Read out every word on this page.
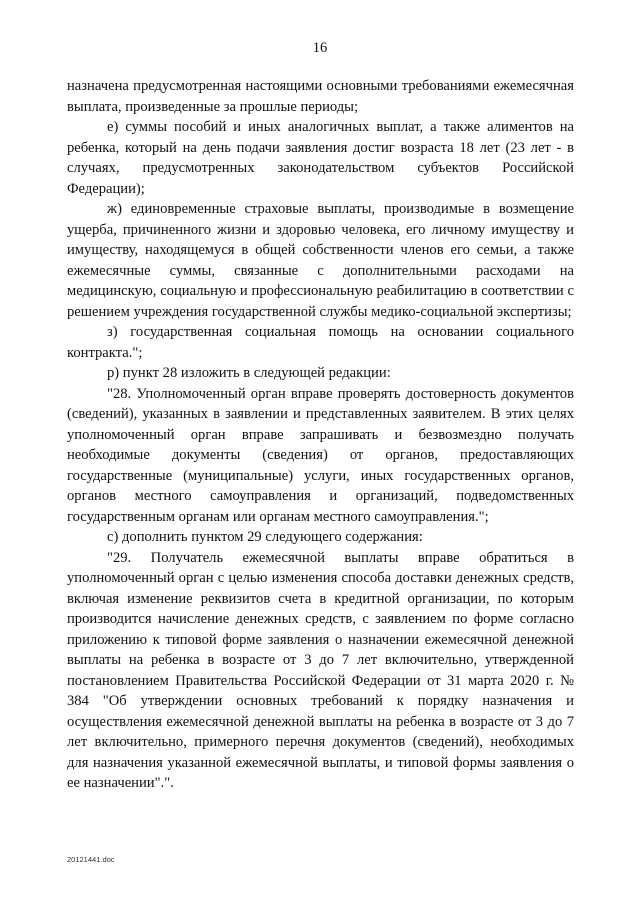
16

назначена предусмотренная настоящими основными требованиями ежемесячная выплата, произведенные за прошлые периоды;

е) суммы пособий и иных аналогичных выплат, а также алиментов на ребенка, который на день подачи заявления достиг возраста 18 лет (23 лет - в случаях, предусмотренных законодательством субъектов Российской Федерации);

ж) единовременные страховые выплаты, производимые в возмещение ущерба, причиненного жизни и здоровью человека, его личному имуществу и имуществу, находящемуся в общей собственности членов его семьи, а также ежемесячные суммы, связанные с дополнительными расходами на медицинскую, социальную и профессиональную реабилитацию в соответствии с решением учреждения государственной службы медико-социальной экспертизы;

з) государственная социальная помощь на основании социального контракта.";

р) пункт 28 изложить в следующей редакции:

"28. Уполномоченный орган вправе проверять достоверность документов (сведений), указанных в заявлении и представленных заявителем. В этих целях уполномоченный орган вправе запрашивать и безвозмездно получать необходимые документы (сведения) от органов, предоставляющих государственные (муниципальные) услуги, иных государственных органов, органов местного самоуправления и организаций, подведомственных государственным органам или органам местного самоуправления.";

с) дополнить пунктом 29 следующего содержания:

"29. Получатель ежемесячной выплаты вправе обратиться в уполномоченный орган с целью изменения способа доставки денежных средств, включая изменение реквизитов счета в кредитной организации, по которым производится начисление денежных средств, с заявлением по форме согласно приложению к типовой форме заявления о назначении ежемесячной денежной выплаты на ребенка в возрасте от 3 до 7 лет включительно, утвержденной постановлением Правительства Российской Федерации от 31 марта 2020 г. № 384 "Об утверждении основных требований к порядку назначения и осуществления ежемесячной денежной выплаты на ребенка в возрасте от 3 до 7 лет включительно, примерного перечня документов (сведений), необходимых для назначения указанной ежемесячной выплаты, и типовой формы заявления о ее назначении".".

20121441.doc
